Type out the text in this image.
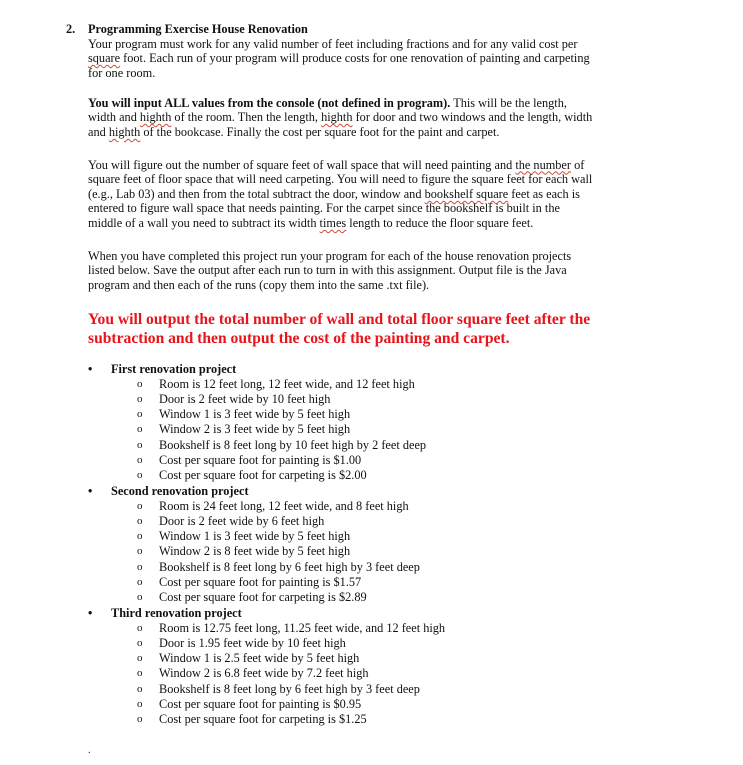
2. Programming Exercise House Renovation
Your program must work for any valid number of feet including fractions and for any valid cost per
square foot. Each run of your program will produce costs for one renovation of painting and carpeting
for one room.
You will input ALL values from the console (not defined in program). This will be the length,
width and highth of the room. Then the length, highth for door and two windows and the length, width
and highth of the bookcase. Finally the cost per square foot for the paint and carpet.
You will figure out the number of square feet of wall space that will need painting and the number of
square feet of floor space that will need carpeting. You will need to figure the square feet for each wall
(e.g., Lab 03) and then from the total subtract the door, window and bookshelf square feet as each is
entered to figure wall space that needs painting. For the carpet since the bookshelf is built in the
middle of a wall you need to subtract its width times length to reduce the floor square feet.
When you have completed this project run your program for each of the house renovation projects
listed below. Save the output after each run to turn in with this assignment. Output file is the Java
program and then each of the runs (copy them into the same .txt file).
You will output the total number of wall and total floor square feet after the
subtraction and then output the cost of the painting and carpet.
• First renovation project
o Room is 12 feet long, 12 feet wide, and 12 feet high
o Door is 2 feet wide by 10 feet high
o Window 1 is 3 feet wide by 5 feet high
o Window 2 is 3 feet wide by 5 feet high
o Bookshelf is 8 feet long by 10 feet high by 2 feet deep
o Cost per square foot for painting is $1.00
o Cost per square foot for carpeting is $2.00
• Second renovation project
o Room is 24 feet long, 12 feet wide, and 8 feet high
o Door is 2 feet wide by 6 feet high
o Window 1 is 3 feet wide by 5 feet high
o Window 2 is 8 feet wide by 5 feet high
o Bookshelf is 8 feet long by 6 feet high by 3 feet deep
o Cost per square foot for painting is $1.57
o Cost per square foot for carpeting is $2.89
• Third renovation project
o Room is 12.75 feet long, 11.25 feet wide, and 12 feet high
o Door is 1.95 feet wide by 10 feet high
o Window 1 is 2.5 feet wide by 5 feet high
o Window 2 is 6.8 feet wide by 7.2 feet high
o Bookshelf is 8 feet long by 6 feet high by 3 feet deep
o Cost per square foot for painting is $0.95
o Cost per square foot for carpeting is $1.25
.
